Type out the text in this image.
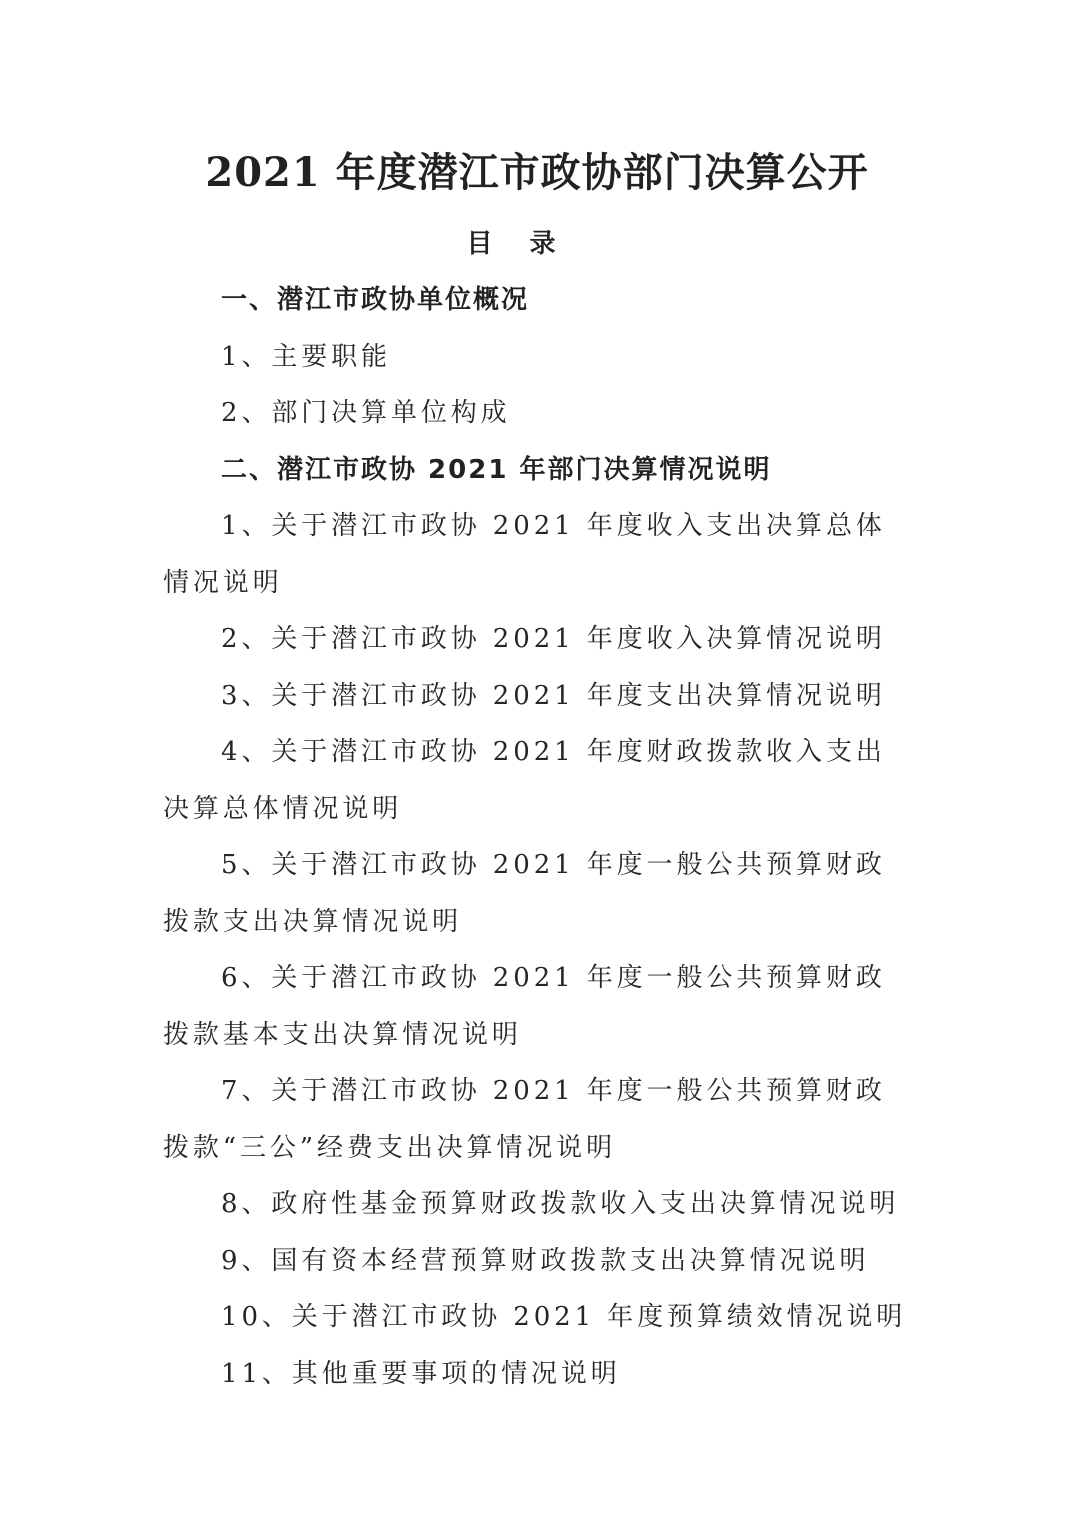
2021 年度潜江市政协部门决算公开
目 录
一、潜江市政协单位概况
1、主要职能
2、部门决算单位构成
二、潜江市政协 2021 年部门决算情况说明
1、关于潜江市政协 2021 年度收入支出决算总体情况说明
2、关于潜江市政协 2021 年度收入决算情况说明
3、关于潜江市政协 2021 年度支出决算情况说明
4、关于潜江市政协 2021 年度财政拨款收入支出决算总体情况说明
5、关于潜江市政协 2021 年度一般公共预算财政拨款支出决算情况说明
6、关于潜江市政协 2021 年度一般公共预算财政拨款基本支出决算情况说明
7、关于潜江市政协 2021 年度一般公共预算财政拨款“三公”经费支出决算情况说明
8、政府性基金预算财政拨款收入支出决算情况说明
9、国有资本经营预算财政拨款支出决算情况说明
10、关于潜江市政协 2021 年度预算绩效情况说明
11、其他重要事项的情况说明
